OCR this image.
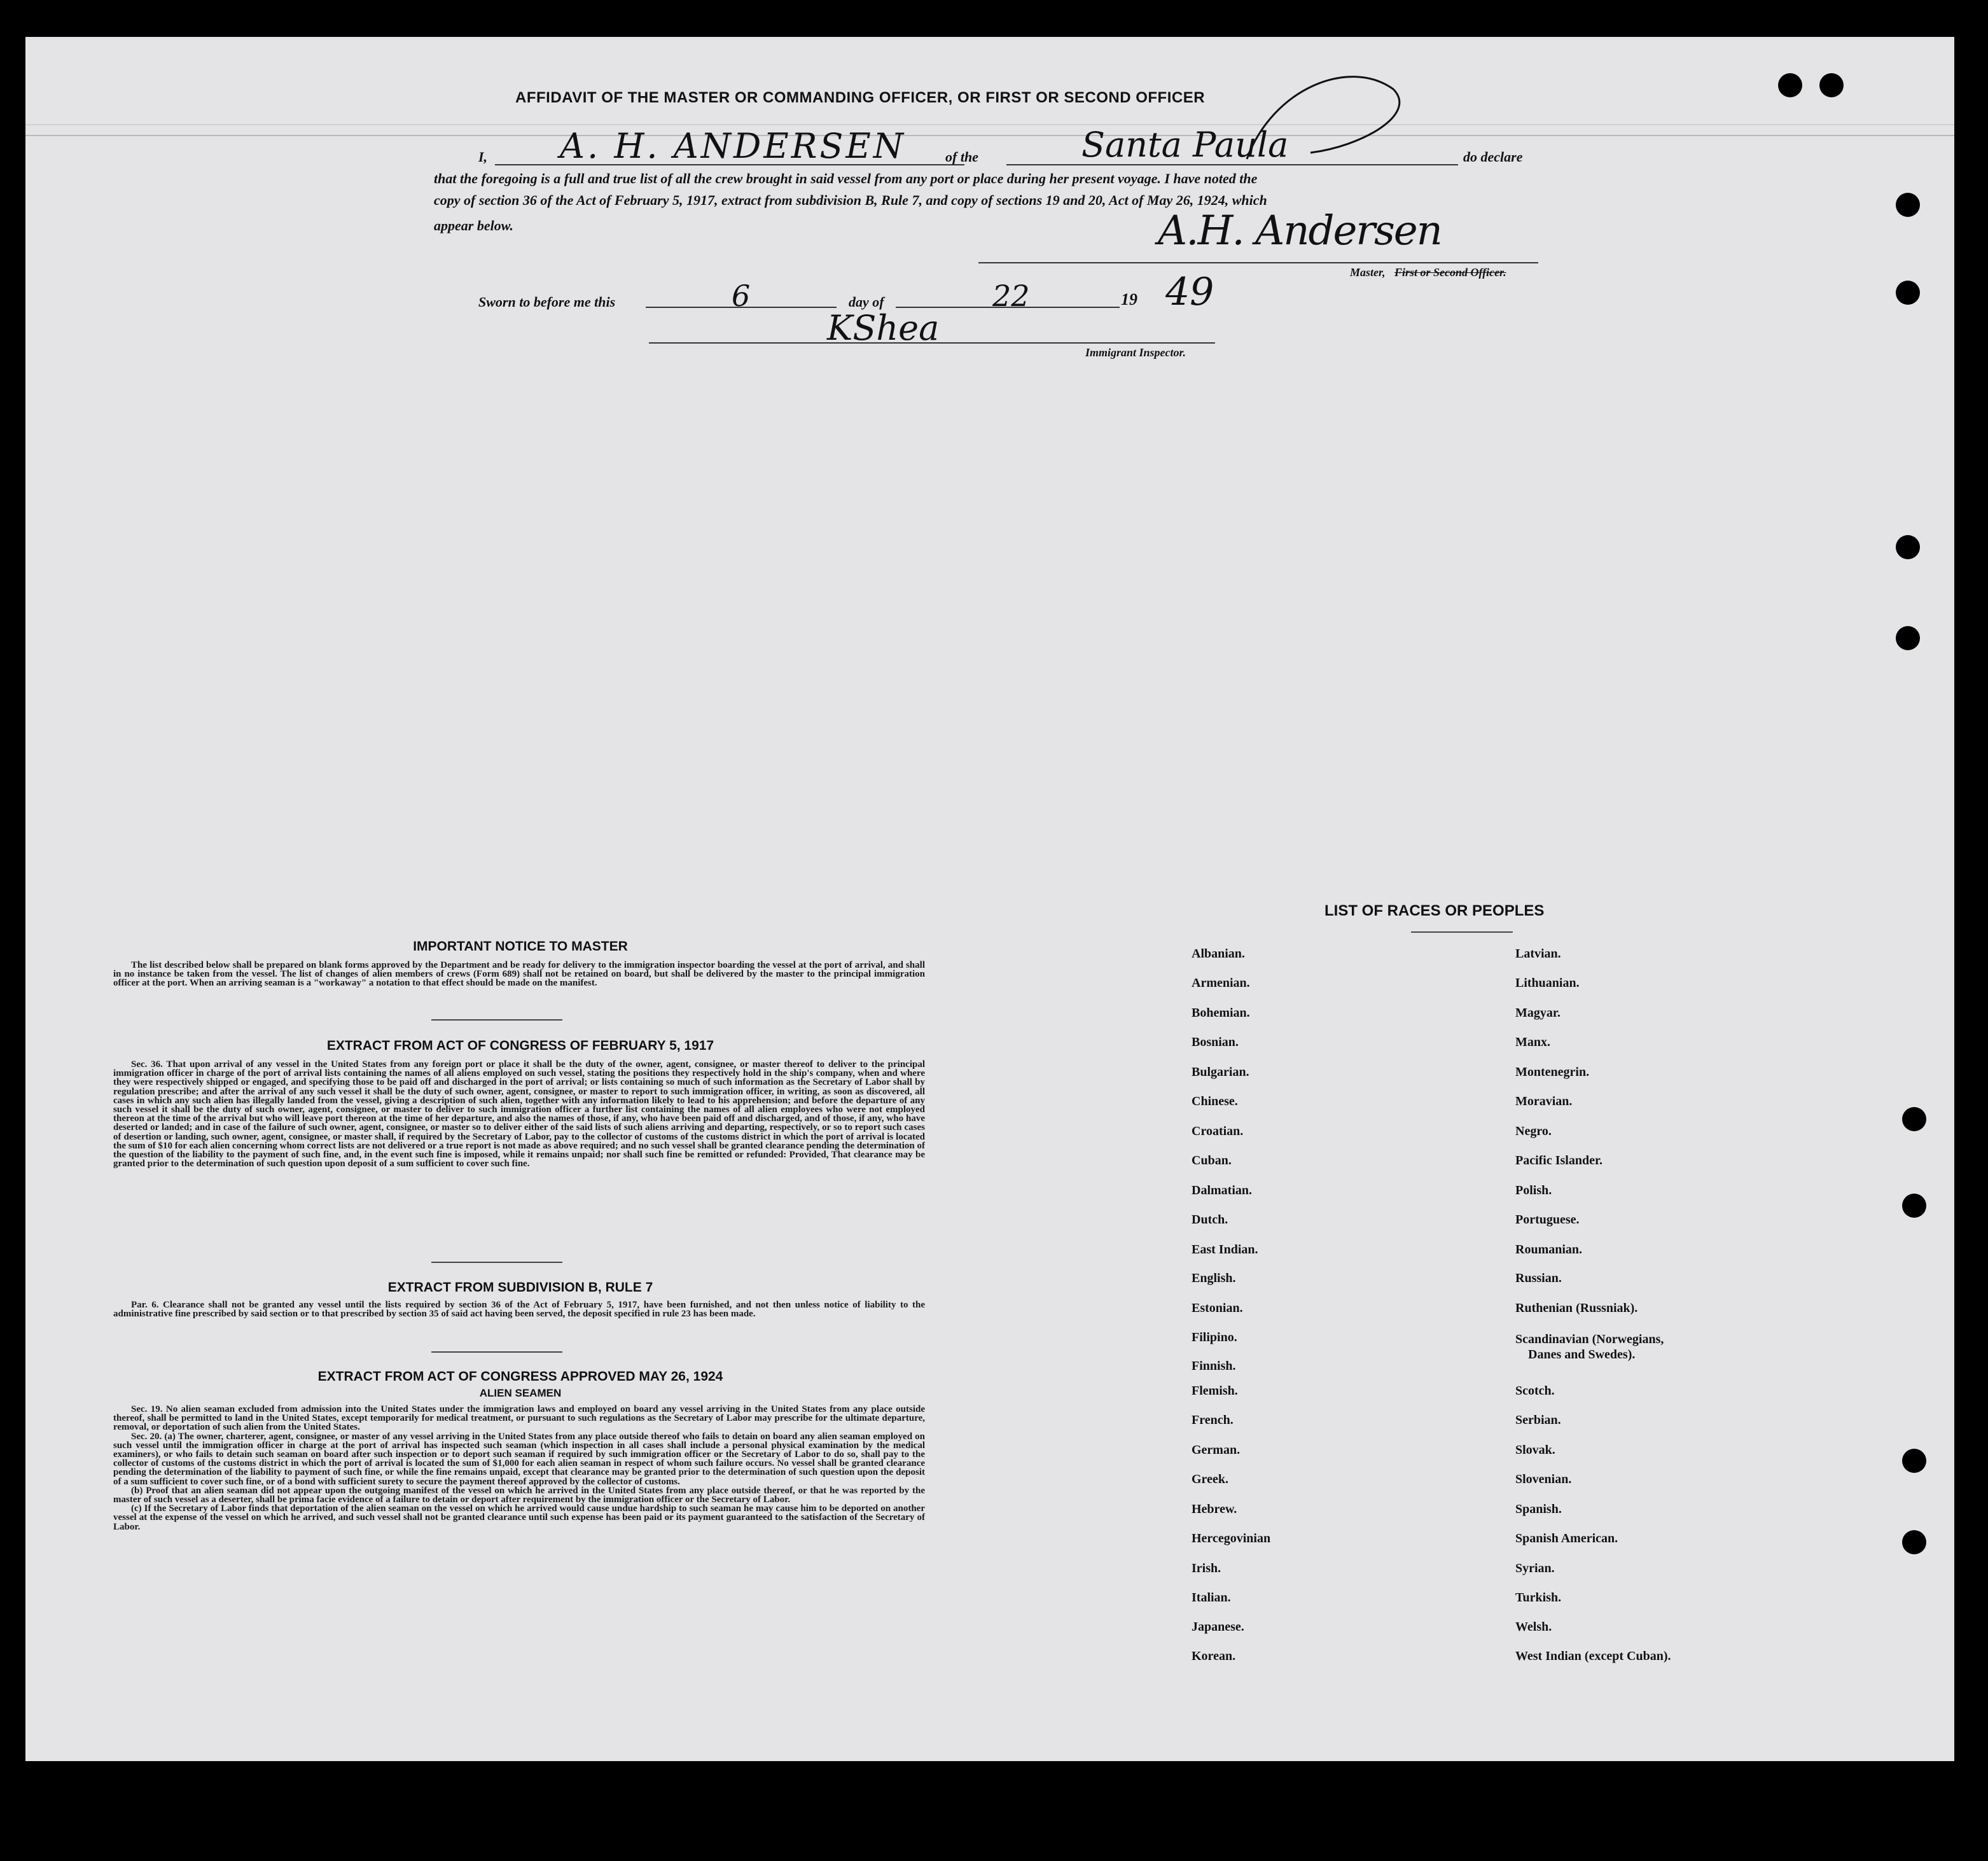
AFFIDAVIT OF THE MASTER OR COMMANDING OFFICER, OR FIRST OR SECOND OFFICER
I, A. H. ANDERSEN	of the	Santa Paula	do declare
that the foregoing is a full and true list of all the crew brought in said vessel from any port or place during her present voyage. I have noted the
copy of section 36 of the Act of February 5, 1917, extract from subdivision B, Rule 7, and copy of sections 19 and 20, Act of May 26, 1924, which
appear below.	A.H. Andersen
Master, First or Second Officer.
Sworn to before me this	6	day of	22	19 49
KShea
Immigrant Inspector.
IMPORTANT NOTICE TO MASTER

The list described below shall be prepared on blank forms approved by the Department and be ready for delivery to the immigration inspector boarding the vessel at the port of arrival, and shall in no instance be taken from the vessel. The list of changes of alien members of crews (Form 689) shall not be retained on board, but shall be delivered by the master to the principal immigration officer at the port. When an arriving seaman is a "workaway" a notation to that effect should be made on the manifest.

EXTRACT FROM ACT OF CONGRESS OF FEBRUARY 5, 1917

Sec. 36. That upon arrival of any vessel in the United States from any foreign port or place it shall be the duty of the owner, agent, consignee, or master thereof to deliver to the principal immigration officer in charge of the port of arrival lists containing the names of all aliens employed on such vessel, stating the positions they respectively hold in the ship's company, when and where they were respectively shipped or engaged, and specifying those to be paid off and discharged in the port of arrival; or lists containing so much of such information as the Secretary of Labor shall by regulation prescribe; and after the arrival of any such vessel it shall be the duty of such owner, agent, consignee, or master to report to such immigration officer, in writing, as soon as discovered, all cases in which any such alien has illegally landed from the vessel, giving a description of such alien, together with any information likely to lead to his apprehension; and before the departure of any such vessel it shall be the duty of such owner, agent, consignee, or master to deliver to such immigration officer a further list containing the names of all alien employees who were not employed thereon at the time of the arrival but who will leave port thereon at the time of her departure, and also the names of those, if any, who have been paid off and discharged, and of those, if any, who have deserted or landed; and in case of the failure of such owner, agent, consignee, or master so to deliver either of the said lists of such aliens arriving and departing, respectively, or so to report such cases of desertion or landing, such owner, agent, consignee, or master shall, if required by the Secretary of Labor, pay to the collector of customs of the customs district in which the port of arrival is located the sum of $10 for each alien concerning whom correct lists are not delivered or a true report is not made as above required; and no such vessel shall be granted clearance pending the determination of the question of the liability to the payment of such fine, and, in the event such fine is imposed, while it remains unpaid; nor shall such fine be remitted or refunded: Provided, That clearance may be granted prior to the determination of such question upon deposit of a sum sufficient to cover such fine.

EXTRACT FROM SUBDIVISION B, RULE 7

Par. 6. Clearance shall not be granted any vessel until the lists required by section 36 of the Act of February 5, 1917, have been furnished, and not then unless notice of liability to the administrative fine prescribed by said section or to that prescribed by section 35 of said act having been served, the deposit specified in rule 23 has been made.

EXTRACT FROM ACT OF CONGRESS APPROVED MAY 26, 1924
ALIEN SEAMEN

Sec. 19. No alien seaman excluded from admission into the United States under the immigration laws and employed on board any vessel arriving in the United States from any place outside thereof, shall be permitted to land in the United States, except temporarily for medical treatment, or pursuant to such regulations as the Secretary of Labor may prescribe for the ultimate departure, removal, or deportation of such alien from the United States.

Sec. 20. (a) The owner, charterer, agent, consignee, or master of any vessel arriving in the United States from any place outside thereof who fails to detain on board any alien seaman employed on such vessel until the immigration officer in charge at the port of arrival has inspected such seaman (which inspection in all cases shall include a personal physical examination by the medical examiners), or who fails to detain such seaman on board after such inspection or to deport such seaman if required by such immigration officer or the Secretary of Labor to do so, shall pay to the collector of customs of the customs district in which the port of arrival is located the sum of $1,000 for each alien seaman in respect of whom such failure occurs. No vessel shall be granted clearance pending the determination of the liability to payment of such fine, or while the fine remains unpaid, except that clearance may be granted prior to the determination of such question upon the deposit of a sum sufficient to cover such fine, or of a bond with sufficient surety to secure the payment thereof approved by the collector of customs.

(b) Proof that an alien seaman did not appear upon the outgoing manifest of the vessel on which he arrived in the United States from any place outside thereof, or that he was reported by the master of such vessel as a deserter, shall be prima facie evidence of a failure to detain or deport after requirement by the immigration officer or the Secretary of Labor.

(c) If the Secretary of Labor finds that deportation of the alien seaman on the vessel on which he arrived would cause undue hardship to such seaman he may cause him to be deported on another vessel at the expense of the vessel on which he arrived, and such vessel shall not be granted clearance until such expense has been paid or its payment guaranteed to the satisfaction of the Secretary of Labor.

LIST OF RACES OR PEOPLES
Albanian.
Armenian.
Bohemian.
Bosnian.
Bulgarian.
Chinese.
Croatian.
Cuban.
Dalmatian.
Dutch.
East Indian.
English.
Estonian.
Filipino.
Finnish.
Flemish.
French.
German.
Greek.
Hebrew.
Hercegovinian
Irish.
Italian.
Japanese.
Korean.
Latvian.
Lithuanian.
Magyar.
Manx.
Montenegrin.
Moravian.
Negro.
Pacific Islander.
Polish.
Portuguese.
Roumanian.
Russian.
Ruthenian (Russniak).
Scandinavian (Norwegians,
Danes and Swedes).
Scotch.
Serbian.
Slovak.
Slovenian.
Spanish.
Spanish American.
Syrian.
Turkish.
Welsh.
West Indian (except Cuban).
